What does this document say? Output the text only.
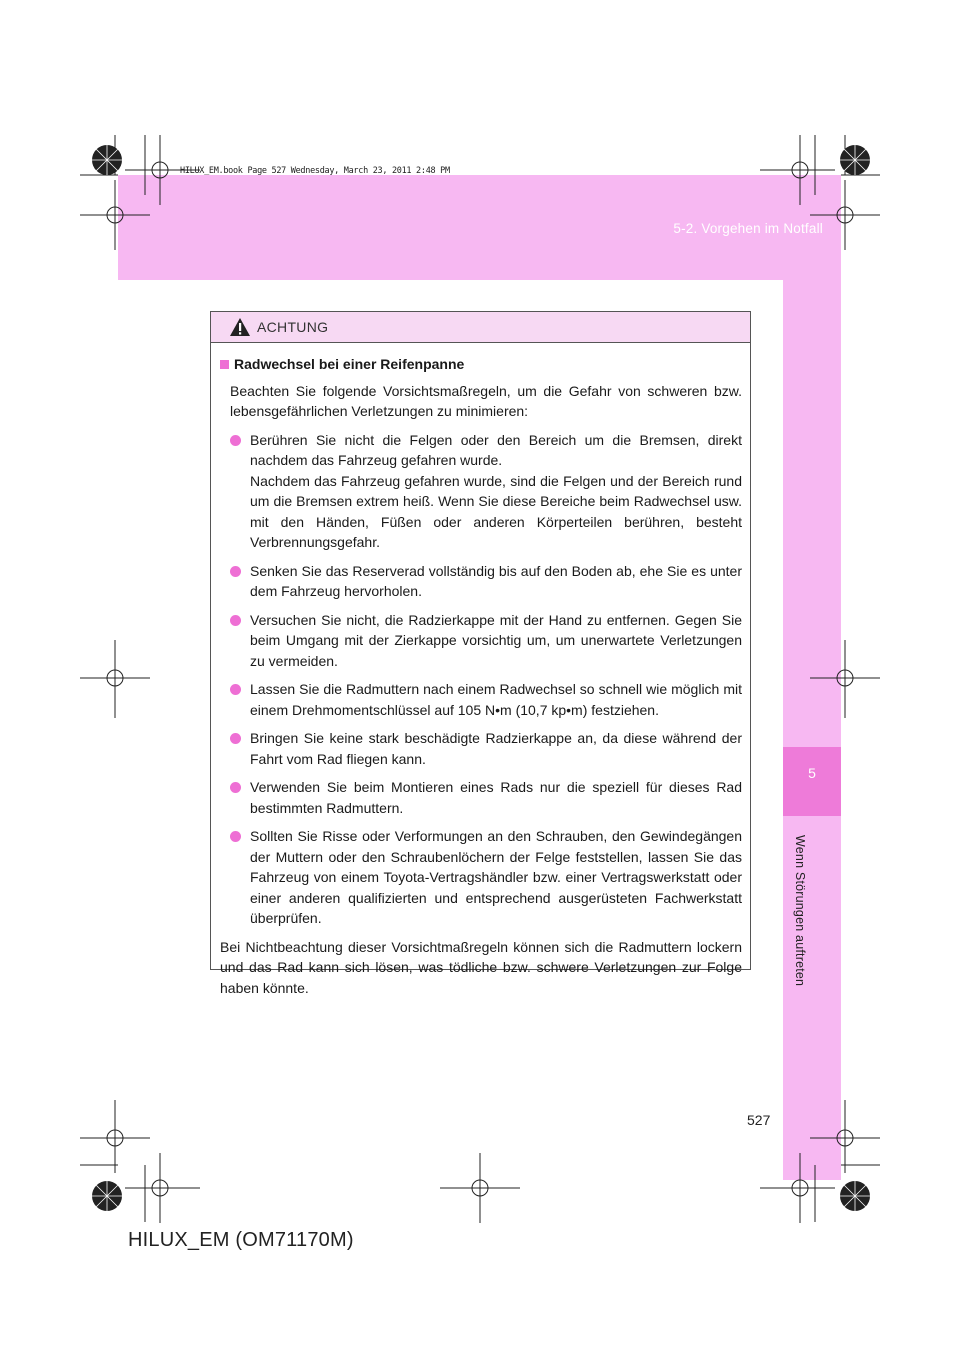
5-2. Vorgehen im Notfall
HILUX_EM.book Page 527 Wednesday, March 23, 2011 2:48 PM
5
Wenn Störungen auftreten
ACHTUNG
Radwechsel bei einer Reifenpanne
Beachten Sie folgende Vorsichtsmaßregeln, um die Gefahr von schweren bzw. lebensgefährlichen Verletzungen zu minimieren:

Berühren Sie nicht die Felgen oder den Bereich um die Bremsen, direkt nachdem das Fahrzeug gefahren wurde.

Nachdem das Fahrzeug gefahren wurde, sind die Felgen und der Bereich rund um die Bremsen extrem heiß. Wenn Sie diese Bereiche beim Radwechsel usw. mit den Händen, Füßen oder anderen Körperteilen berühren, besteht Verbrennungsgefahr.

Senken Sie das Reserverad vollständig bis auf den Boden ab, ehe Sie es unter dem Fahrzeug hervorholen.

Versuchen Sie nicht, die Radzierkappe mit der Hand zu entfernen. Gegen Sie beim Umgang mit der Zierkappe vorsichtig um, um unerwartete Verletzungen zu vermeiden.

Lassen Sie die Radmuttern nach einem Radwechsel so schnell wie möglich mit einem Drehmomentschlüssel auf 105 N•m (10,7 kp•m) festziehen.

Bringen Sie keine stark beschädigte Radzierkappe an, da diese während der Fahrt vom Rad fliegen kann.

Verwenden Sie beim Montieren eines Rads nur die speziell für dieses Rad bestimmten Radmuttern.

Sollten Sie Risse oder Verformungen an den Schrauben, den Gewindegängen der Muttern oder den Schraubenlöchern der Felge feststellen, lassen Sie das Fahrzeug von einem Toyota-Vertragshändler bzw. einer Vertragswerkstatt oder einer anderen qualifizierten und entsprechend ausgerüsteten Fachwerkstatt überprüfen.

Bei Nichtbeachtung dieser Vorsichtmaßregeln können sich die Radmuttern lockern und das Rad kann sich lösen, was tödliche bzw. schwere Verletzungen zur Folge haben könnte.
527
HILUX_EM (OM71170M)
